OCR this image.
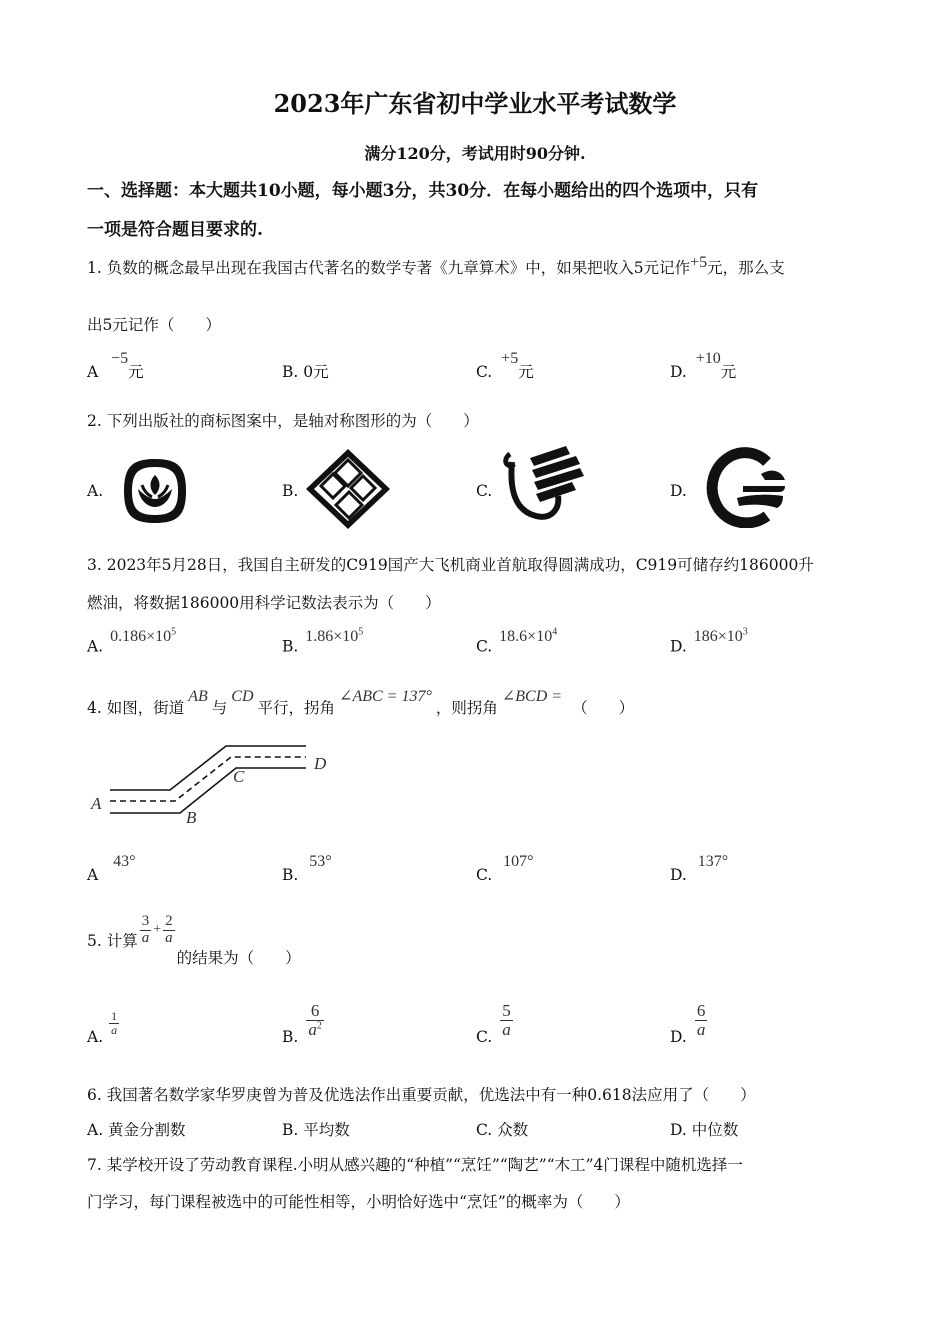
2023年广东省初中学业水平考试数学
满分120分，考试用时90分钟.
一、选择题：本大题共10小题，每小题3分，共30分．在每小题给出的四个选项中，只有
一项是符合题目要求的.
1. 负数的概念最早出现在我国古代著名的数学专著《九章算术》中，如果把收入5元记作$^{+5}$元，那么支
出5元记作（　　）
A −5元	B. 0元	C. +5元	D. +10元
2. 下列出版社的商标图案中，是轴对称图形的为（　　）
A.	B.	C.	D.
3. 2023年5月28日，我国自主研发的C919国产大飞机商业首航取得圆满成功，C919可储存约186000升
燃油，将数据186000用科学记数法表示为（　　）
A. $0.186\times 10^5$
B. $1.86\times 10^5$
C. $18.6\times 10^4$
D. $186\times 10^3$
4. 如图，街道AB与CD平行，拐角∠ABC = 137°，则拐角∠BCD =（　　）
A
B
C
D
A 43°
B. 53°
C. 107°
D. 137°
5. 计算 $\frac{3}{a} + \frac{2}{a}$
的结果为（　　）
A.
$\frac{1}{a}$
B. $\frac{6}{a^2}$	C. $\frac{5}{a}$	D. $\frac{6}{a}$
6. 我国著名数学家华罗庚曾为普及优选法作出重要贡献，优选法中有一种0.618法应用了（　　）
A. 黄金分割数	B. 平均数	C. 众数	D. 中位数
7. 某学校开设了劳动教育课程.小明从感兴趣的“种植”“烹饪”“陶艺”“木工”4门课程中随机选择一
门学习，每门课程被选中的可能性相等，小明恰好选中“烹饪”的概率为（　　）
